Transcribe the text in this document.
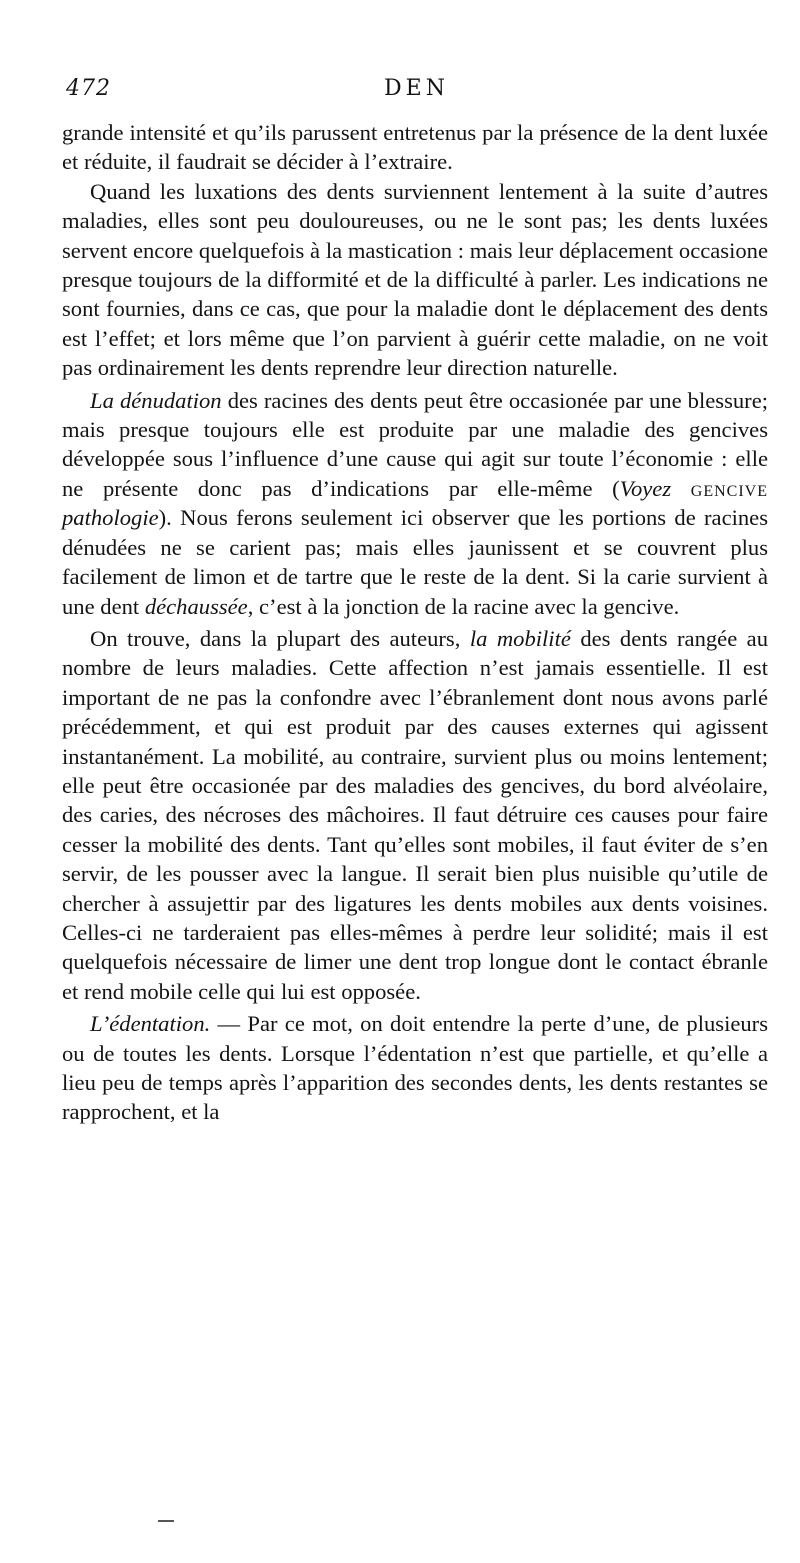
472	DEN

grande intensité et qu’ils parussent entretenus par la présence de la dent luxée et réduite, il faudrait se décider à l’extraire.

Quand les luxations des dents surviennent lentement à la suite d’autres maladies, elles sont peu douloureuses, ou ne le sont pas; les dents luxées servent encore quelquefois à la mastication : mais leur déplacement occasione presque toujours de la difformité et de la difficulté à parler. Les indications ne sont fournies, dans ce cas, que pour la maladie dont le déplacement des dents est l’effet; et lors même que l’on parvient à guérir cette maladie, on ne voit pas ordinairement les dents reprendre leur direction naturelle.

La dénudation des racines des dents peut être occasionée par une blessure; mais presque toujours elle est produite par une maladie des gencives développée sous l’influence d’une cause qui agit sur toute l’économie : elle ne présente donc pas d’indications par elle-même (Voyez gencive pathologie). Nous ferons seulement ici observer que les portions de racines dénudées ne se carient pas; mais elles jaunissent et se couvrent plus facilement de limon et de tartre que le reste de la dent. Si la carie survient à une dent déchaussée, c’est à la jonction de la racine avec la gencive.

On trouve, dans la plupart des auteurs, la mobilité des dents rangée au nombre de leurs maladies. Cette affection n’est jamais essentielle. Il est important de ne pas la confondre avec l’ébranlement dont nous avons parlé précédemment, et qui est produit par des causes externes qui agissent instantanément. La mobilité, au contraire, survient plus ou moins lentement; elle peut être occasionée par des maladies des gencives, du bord alvéolaire, des caries, des nécroses des mâchoires. Il faut détruire ces causes pour faire cesser la mobilité des dents. Tant qu’elles sont mobiles, il faut éviter de s’en servir, de les pousser avec la langue. Il serait bien plus nuisible qu’utile de chercher à assujettir par des ligatures les dents mobiles aux dents voisines. Celles-ci ne tarderaient pas elles-mêmes à perdre leur solidité; mais il est quelquefois nécessaire de limer une dent trop longue dont le contact ébranle et rend mobile celle qui lui est opposée.

L’édentation. — Par ce mot, on doit entendre la perte d’une, de plusieurs ou de toutes les dents. Lorsque l’édentation n’est que partielle, et qu’elle a lieu peu de temps après l’apparition des secondes dents, les dents restantes se rapprochent, et la
